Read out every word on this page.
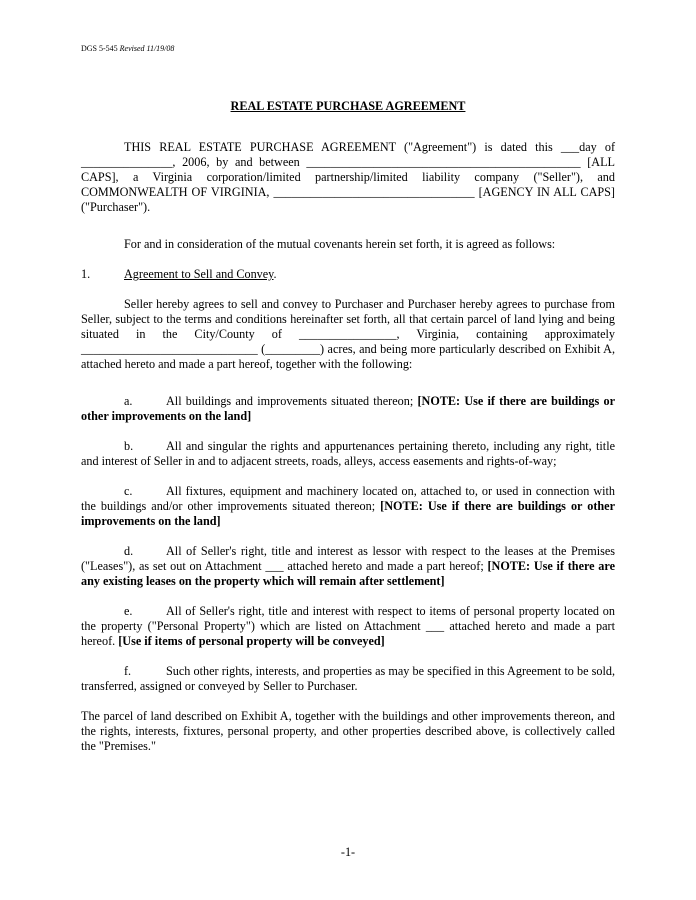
DGS 5-545 Revised 11/19/08
REAL ESTATE PURCHASE AGREEMENT

THIS REAL ESTATE PURCHASE AGREEMENT ("Agreement") is dated this ___day of _______________, 2006, by and between _____________________________________________ [ALL CAPS], a Virginia corporation/limited partnership/limited liability company ("Seller"), and COMMONWEALTH OF VIRGINIA, _________________________________ [AGENCY IN ALL CAPS] ("Purchaser").

For and in consideration of the mutual covenants herein set forth, it is agreed as follows:

1.	Agreement to Sell and Convey.

Seller hereby agrees to sell and convey to Purchaser and Purchaser hereby agrees to purchase from Seller, subject to the terms and conditions hereinafter set forth, all that certain parcel of land lying and being situated in the City/County of ________________, Virginia, containing approximately _____________________________ (_________) acres, and being more particularly described on Exhibit A, attached hereto and made a part hereof, together with the following:

a.	All buildings and improvements situated thereon; [NOTE: Use if there are buildings or other improvements on the land]

b.	All and singular the rights and appurtenances pertaining thereto, including any right, title and interest of Seller in and to adjacent streets, roads, alleys, access easements and rights-of-way;

c.	All fixtures, equipment and machinery located on, attached to, or used in connection with the buildings and/or other improvements situated thereon; [NOTE: Use if there are buildings or other improvements on the land]

d.	All of Seller's right, title and interest as lessor with respect to the leases at the Premises ("Leases"), as set out on Attachment ___ attached hereto and made a part hereof; [NOTE: Use if there are any existing leases on the property which will remain after settlement]

e.	All of Seller's right, title and interest with respect to items of personal property located on the property ("Personal Property") which are listed on Attachment ___ attached hereto and made a part hereof. [Use if items of personal property will be conveyed]

f.	Such other rights, interests, and properties as may be specified in this Agreement to be sold, transferred, assigned or conveyed by Seller to Purchaser.

The parcel of land described on Exhibit A, together with the buildings and other improvements thereon, and the rights, interests, fixtures, personal property, and other properties described above, is collectively called the "Premises."

-1-
